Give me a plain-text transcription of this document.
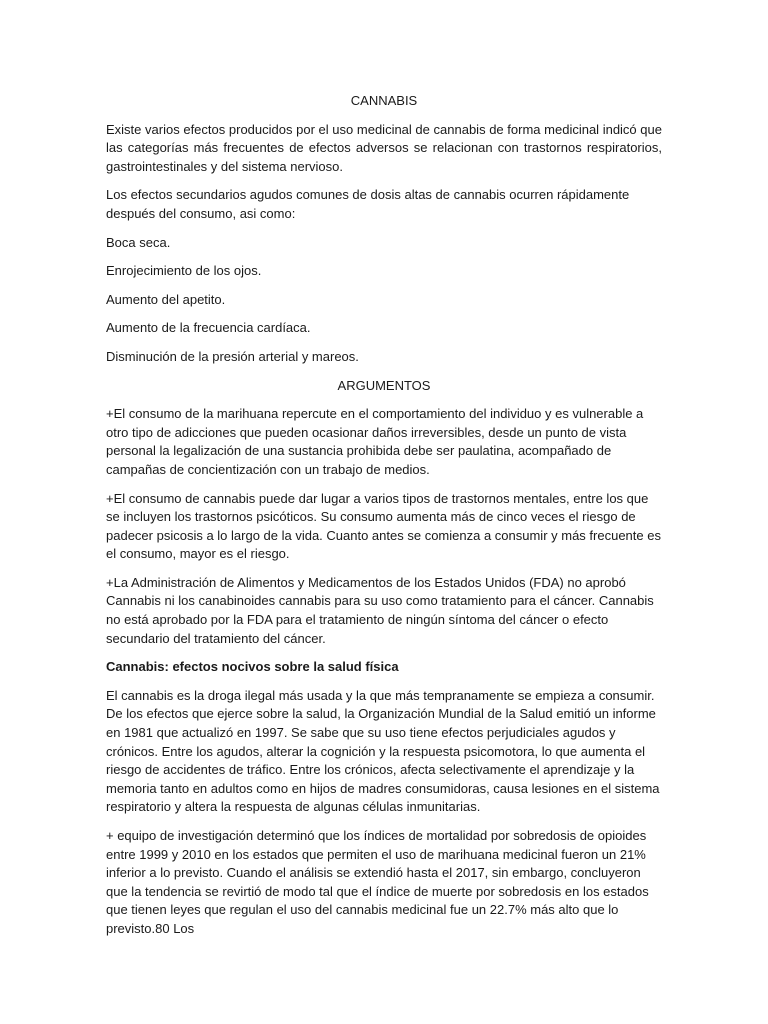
CANNABIS

Existe varios efectos producidos por el uso medicinal de cannabis de forma medicinal indicó que las categorías más frecuentes de efectos adversos se relacionan con trastornos respiratorios, gastrointestinales y del sistema nervioso.

Los efectos secundarios agudos comunes de dosis altas de cannabis ocurren rápidamente después del consumo, asi como:

Boca seca.

Enrojecimiento de los ojos.

Aumento del apetito.

Aumento de la frecuencia cardíaca.

Disminución de la presión arterial y mareos.

ARGUMENTOS

+El consumo de la marihuana repercute en el comportamiento del individuo y es vulnerable a otro tipo de adicciones que pueden ocasionar daños irreversibles, desde un punto de vista personal la legalización de una sustancia prohibida debe ser paulatina, acompañado de campañas de concientización con un trabajo de medios.

+El consumo de cannabis puede dar lugar a varios tipos de trastornos mentales, entre los que se incluyen los trastornos psicóticos. Su consumo aumenta más de cinco veces el riesgo de padecer psicosis a lo largo de la vida. Cuanto antes se comienza a consumir y más frecuente es el consumo, mayor es el riesgo.

+La Administración de Alimentos y Medicamentos de los Estados Unidos (FDA) no aprobó Cannabis ni los canabinoides cannabis para su uso como tratamiento para el cáncer. Cannabis no está aprobado por la FDA para el tratamiento de ningún síntoma del cáncer o efecto secundario del tratamiento del cáncer.

Cannabis: efectos nocivos sobre la salud física

El cannabis es la droga ilegal más usada y la que más tempranamente se empieza a consumir. De los efectos que ejerce sobre la salud, la Organización Mundial de la Salud emitió un informe en 1981 que actualizó en 1997. Se sabe que su uso tiene efectos perjudiciales agudos y crónicos. Entre los agudos, alterar la cognición y la respuesta psicomotora, lo que aumenta el riesgo de accidentes de tráfico. Entre los crónicos, afecta selectivamente el aprendizaje y la memoria tanto en adultos como en hijos de madres consumidoras, causa lesiones en el sistema respiratorio y altera la respuesta de algunas células inmunitarias.

+ equipo de investigación determinó que los índices de mortalidad por sobredosis de opioides entre 1999 y 2010 en los estados que permiten el uso de marihuana medicinal fueron un 21% inferior a lo previsto. Cuando el análisis se extendió hasta el 2017, sin embargo, concluyeron que la tendencia se revirtió de modo tal que el índice de muerte por sobredosis en los estados que tienen leyes que regulan el uso del cannabis medicinal fue un 22.7% más alto que lo previsto.80 Los
